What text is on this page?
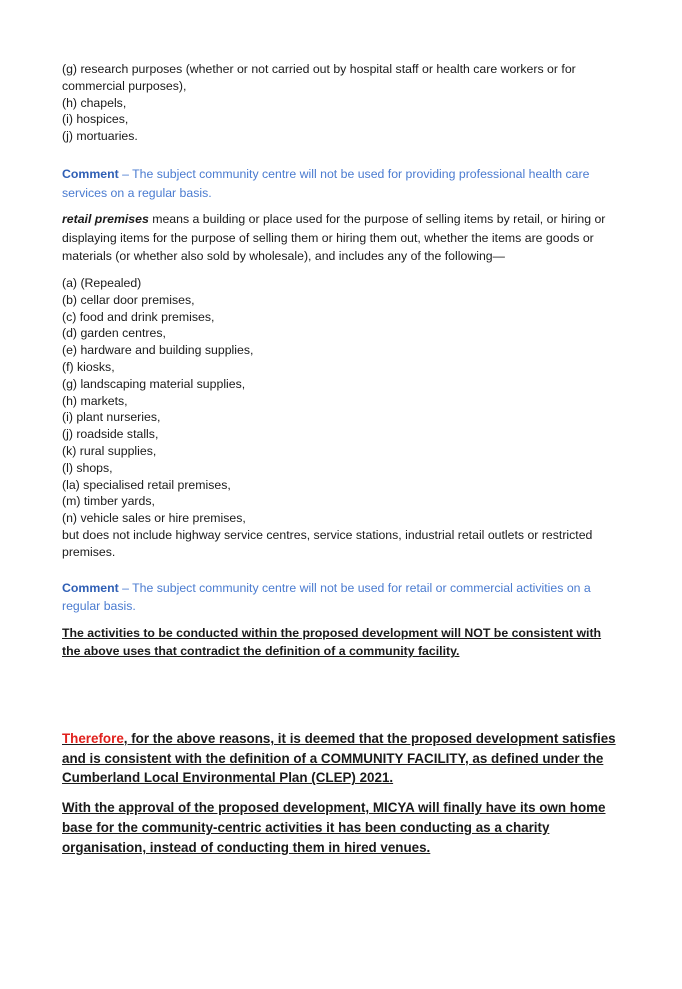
(g) research purposes (whether or not carried out by hospital staff or health care workers or for commercial purposes),
(h) chapels,
(i) hospices,
(j) mortuaries.

Comment – The subject community centre will not be used for providing professional health care services on a regular basis.

retail premises means a building or place used for the purpose of selling items by retail, or hiring or displaying items for the purpose of selling them or hiring them out, whether the items are goods or materials (or whether also sold by wholesale), and includes any of the following—

(a) (Repealed)
(b) cellar door premises,
(c) food and drink premises,
(d) garden centres,
(e) hardware and building supplies,
(f) kiosks,
(g) landscaping material supplies,
(h) markets,
(i) plant nurseries,
(j) roadside stalls,
(k) rural supplies,
(l) shops,
(la) specialised retail premises,
(m) timber yards,
(n) vehicle sales or hire premises,
but does not include highway service centres, service stations, industrial retail outlets or restricted premises.

Comment – The subject community centre will not be used for retail or commercial activities on a regular basis.

The activities to be conducted within the proposed development will NOT be consistent with the above uses that contradict the definition of a community facility.

Therefore, for the above reasons, it is deemed that the proposed development satisfies and is consistent with the definition of a COMMUNITY FACILITY, as defined under the Cumberland Local Environmental Plan (CLEP) 2021.

With the approval of the proposed development, MICYA will finally have its own home base for the community-centric activities it has been conducting as a charity organisation, instead of conducting them in hired venues.
